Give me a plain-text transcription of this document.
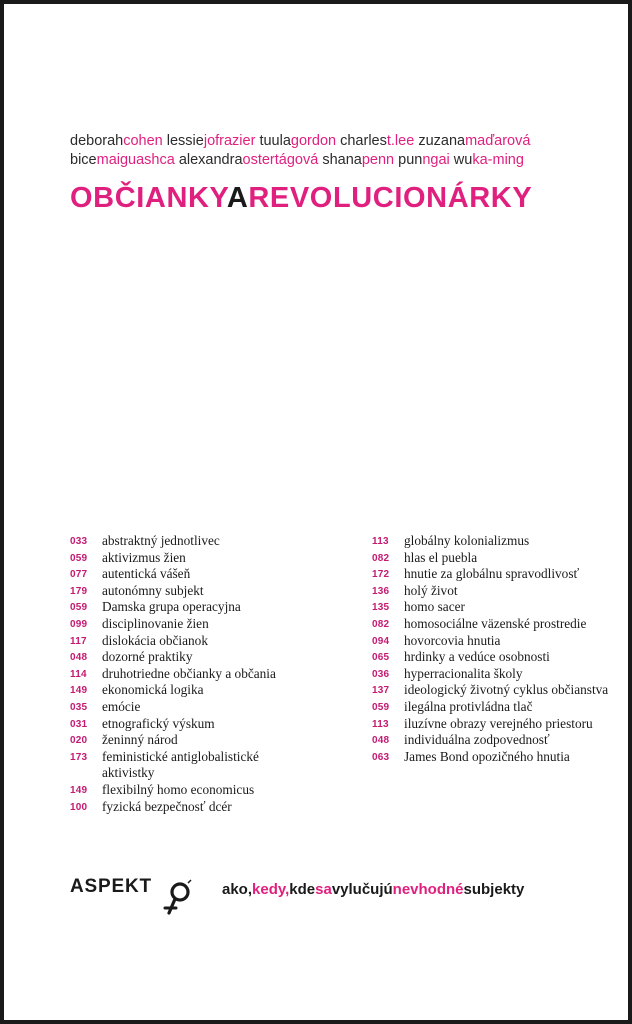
deborahcohen lessiejofrazier tuulagordon charlest.lee zuzanamaďarová
bicemaiguashca alexandraostertágová shanapenn punngai wuka-ming
OBČIANKYAREVOLUCIONÁRKY
033 abstraktný jednotlivec
059 aktivizmus žien
077 autentická vášeň
179 autonómny subjekt
059 Damska grupa operacyjna
099 disciplinovanie žien
117 dislokácia občianok
048 dozorné praktiky
114 druhotriedne občianky a občania
149 ekonomická logika
035 emócie
031 etnografický výskum
020 ženinný národ
173 feministické antiglobalistické aktivistky
149 flexibilný homo economicus
100 fyzická bezpečnosť dcér
113 globálny kolonializmus
082 hlas el puebla
172 hnutie za globálnu spravodlivosť
136 holý život
135 homo sacer
082 homosociálne väzenské prostredie
094 hovorcovia hnutia
065 hrdinky a vedúce osobnosti
036 hyperracionalita školy
137 ideologický životný cyklus občianstva
059 ilegálna protivládna tlač
113 iluzívne obrazy verejného priestoru
048 individuálna zodpovednosť
063 James Bond opozičného hnutia
ASPEKT	ako,kedy,kdesavylučujúnevhodnésubjekty
